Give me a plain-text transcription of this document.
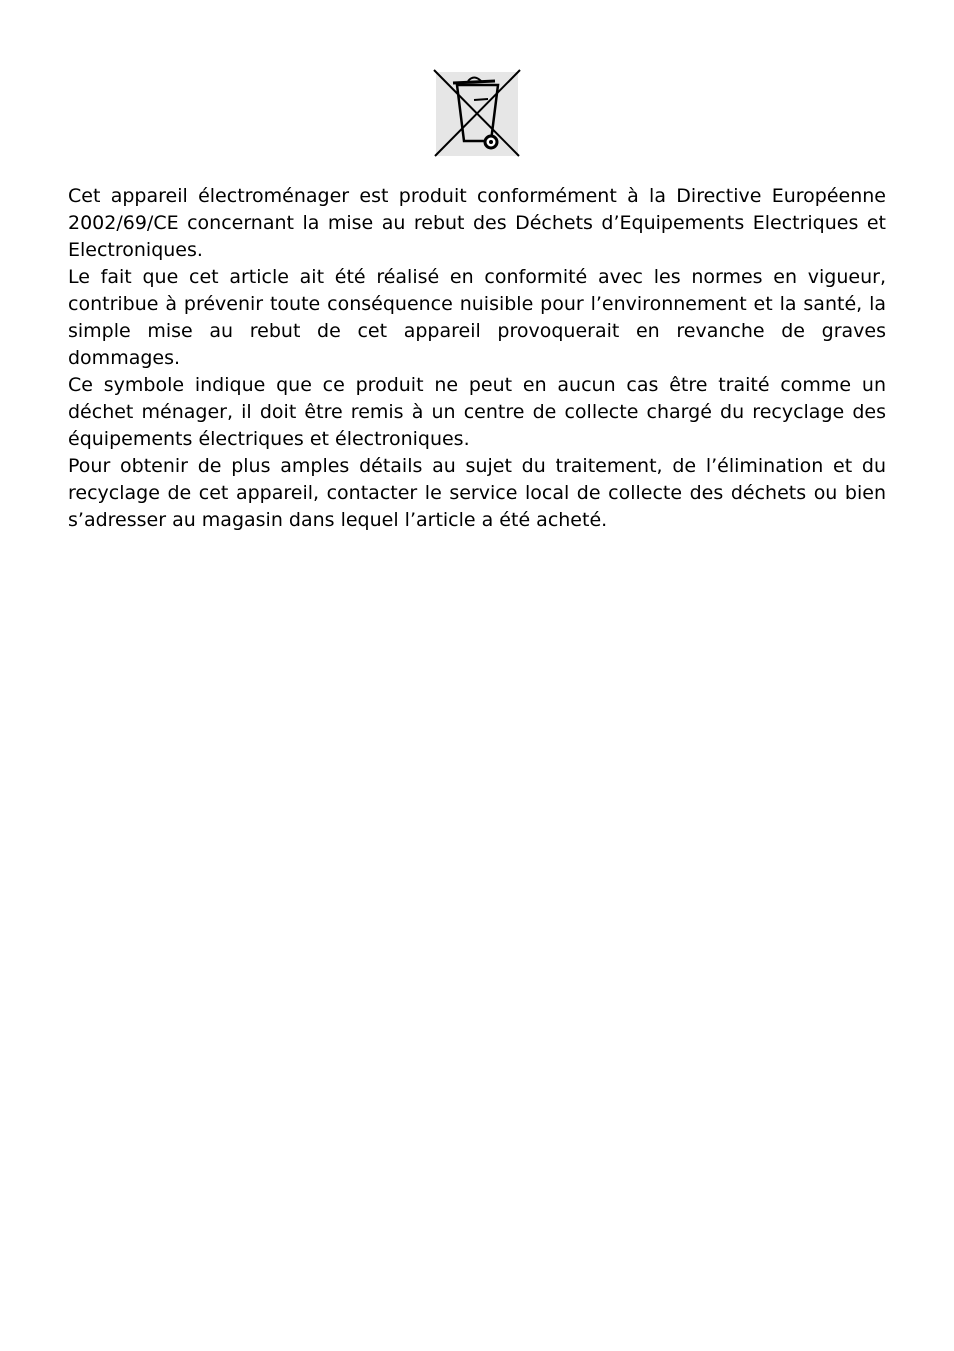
Cet appareil électroménager est produit conformément à la Directive Européenne 2002/69/CE concernant la mise au rebut des Déchets d’Equipements Electriques et Electroniques.

Le fait que cet article ait été réalisé en conformité avec les normes en vigueur, contribue à prévenir toute conséquence nuisible pour l’environnement et la santé, la simple mise au rebut de cet appareil provoquerait en revanche de graves dommages.

Ce symbole indique que ce produit ne peut en aucun cas être traité comme un déchet ménager, il doit être remis à un centre de collecte chargé du recyclage des équipements électriques et électroniques.

Pour obtenir de plus amples détails au sujet du traitement, de l’élimination et du recyclage de cet appareil, contacter le service local de collecte des déchets ou bien s’adresser au magasin dans lequel l’article a été acheté.
